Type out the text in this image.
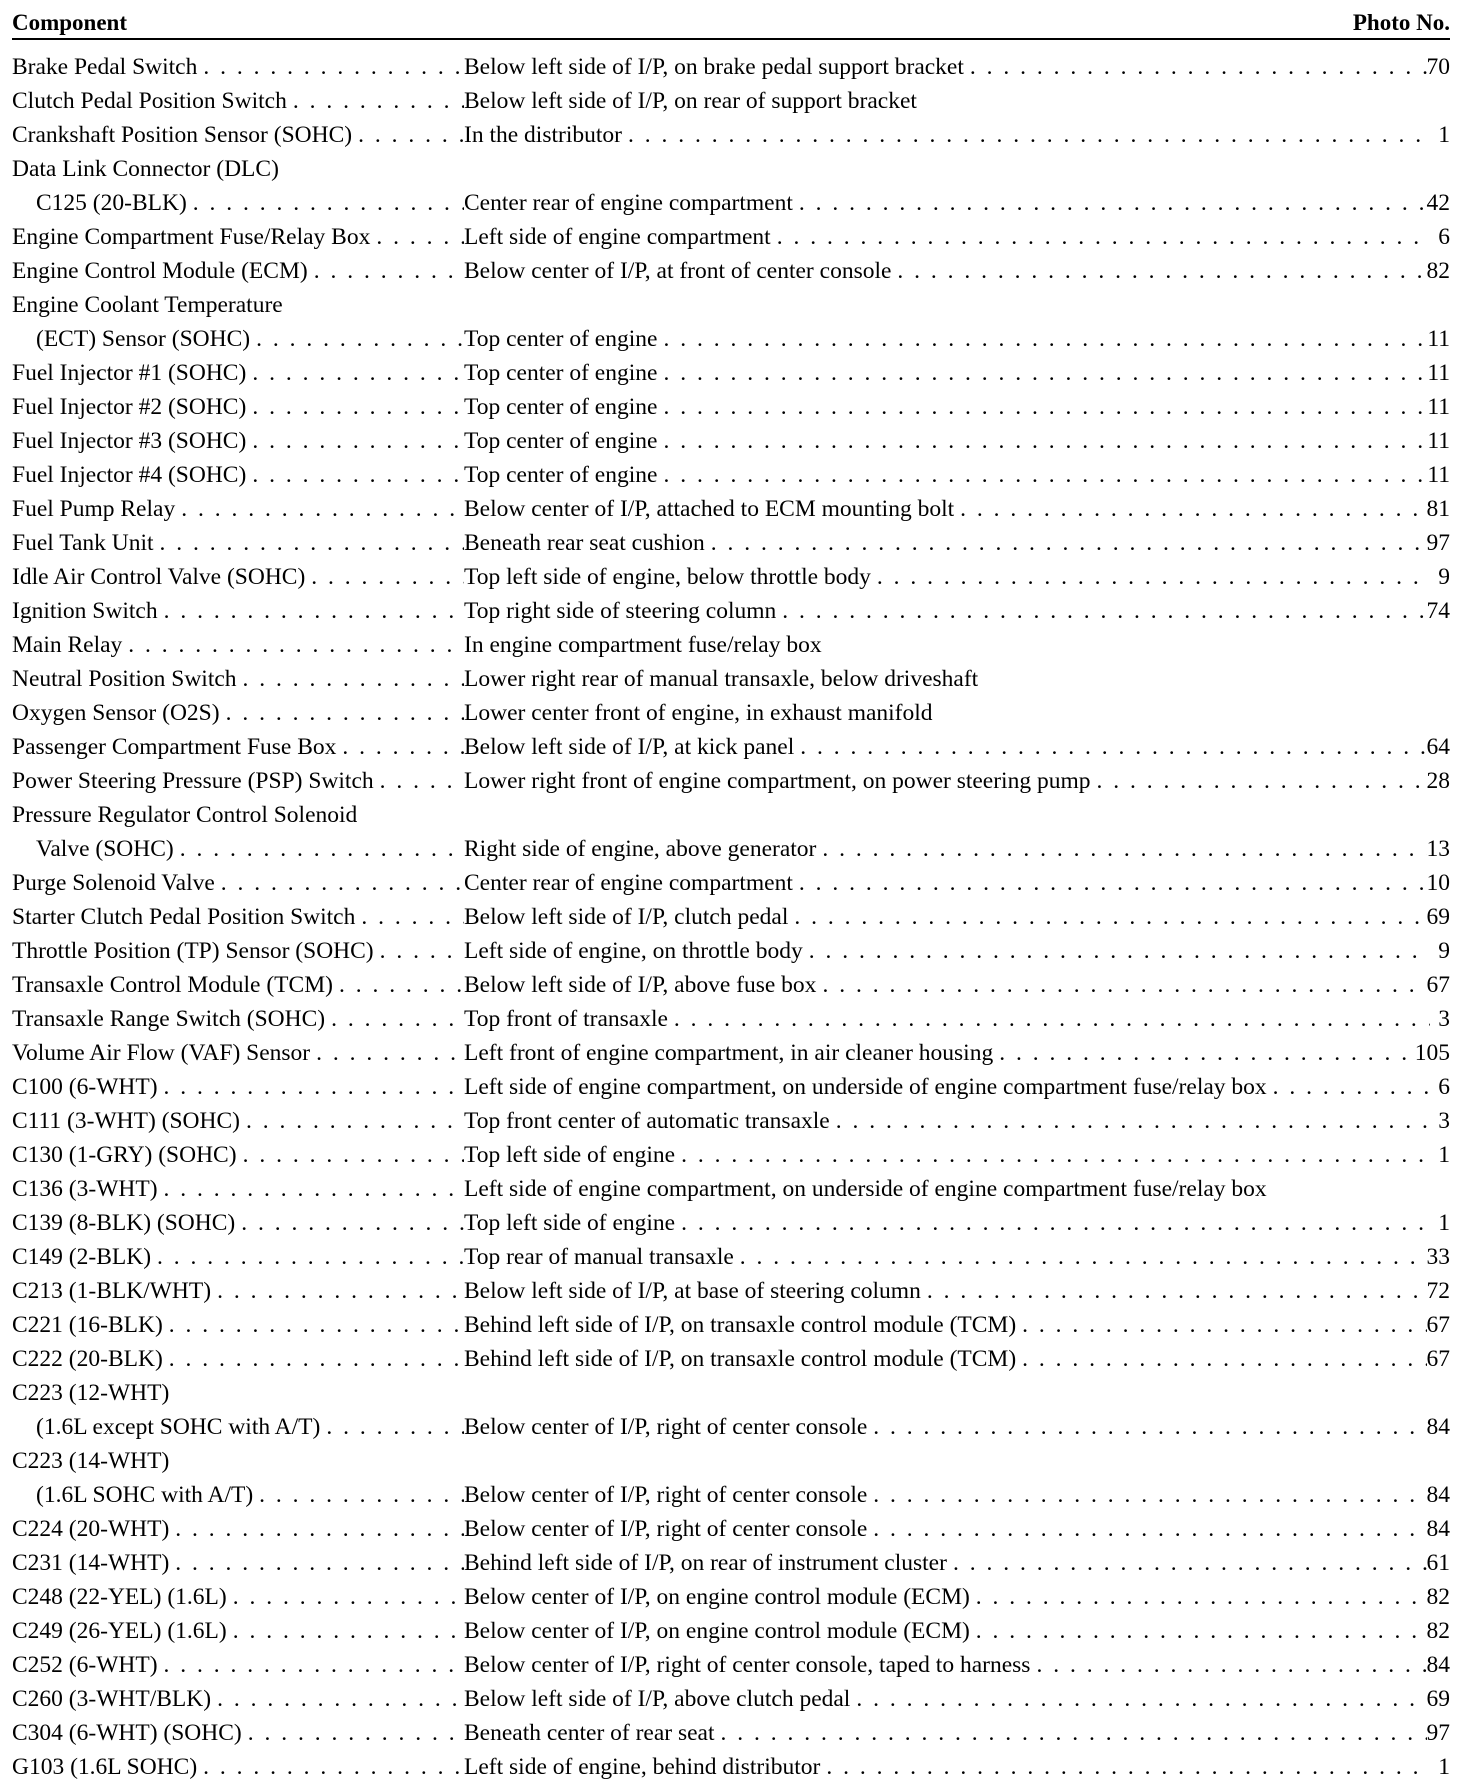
Component	Photo No.
Brake Pedal Switch . . .	Below left side of I/P, on brake pedal support bracket . . .	70
Clutch Pedal Position Switch . . .	Below left side of I/P, on rear of support bracket
Crankshaft Position Sensor (SOHC) . . .	In the distributor . . .	1
Data Link Connector (DLC)
C125 (20-BLK) . . .	Center rear of engine compartment . . .	42
Engine Compartment Fuse/Relay Box . . .	Left side of engine compartment . . .	6
Engine Control Module (ECM) . . .	Below center of I/P, at front of center console . . .	82
Engine Coolant Temperature
(ECT) Sensor (SOHC) . . .	Top center of engine . . .	11
Fuel Injector #1 (SOHC) . . .	Top center of engine . . .	11
Fuel Injector #2 (SOHC) . . .	Top center of engine . . .	11
Fuel Injector #3 (SOHC) . . .	Top center of engine . . .	11
Fuel Injector #4 (SOHC) . . .	Top center of engine . . .	11
Fuel Pump Relay . . .	Below center of I/P, attached to ECM mounting bolt . . .	81
Fuel Tank Unit . . .	Beneath rear seat cushion . . .	97
Idle Air Control Valve (SOHC) . . .	Top left side of engine, below throttle body . . .	9
Ignition Switch . . .	Top right side of steering column . . .	74
Main Relay . . .	In engine compartment fuse/relay box
Neutral Position Switch . . .	Lower right rear of manual transaxle, below driveshaft
Oxygen Sensor (O2S) . . .	Lower center front of engine, in exhaust manifold
Passenger Compartment Fuse Box . . .	Below left side of I/P, at kick panel . . .	64
Power Steering Pressure (PSP) Switch . . .	Lower right front of engine compartment, on power steering pump . . .	28
Pressure Regulator Control Solenoid
Valve (SOHC) . . .	Right side of engine, above generator . . .	13
Purge Solenoid Valve . . .	Center rear of engine compartment . . .	10
Starter Clutch Pedal Position Switch . . .	Below left side of I/P, clutch pedal . . .	69
Throttle Position (TP) Sensor (SOHC) . . .	Left side of engine, on throttle body . . .	9
Transaxle Control Module (TCM) . . .	Below left side of I/P, above fuse box . . .	67
Transaxle Range Switch (SOHC) . . .	Top front of transaxle . . .	3
Volume Air Flow (VAF) Sensor . . .	Left front of engine compartment, in air cleaner housing . . .	105
C100 (6-WHT) . . .	Left side of engine compartment, on underside of engine compartment fuse/relay box . . .	6
C111 (3-WHT) (SOHC) . . .	Top front center of automatic transaxle . . .	3
C130 (1-GRY) (SOHC) . . .	Top left side of engine . . .	1
C136 (3-WHT) . . .	Left side of engine compartment, on underside of engine compartment fuse/relay box
C139 (8-BLK) (SOHC) . . .	Top left side of engine . . .	1
C149 (2-BLK) . . .	Top rear of manual transaxle . . .	33
C213 (1-BLK/WHT) . . .	Below left side of I/P, at base of steering column . . .	72
C221 (16-BLK) . . .	Behind left side of I/P, on transaxle control module (TCM) . . .	67
C222 (20-BLK) . . .	Behind left side of I/P, on transaxle control module (TCM) . . .	67
C223 (12-WHT)
(1.6L except SOHC with A/T) . . .	Below center of I/P, right of center console . . .	84
C223 (14-WHT)
(1.6L SOHC with A/T) . . .	Below center of I/P, right of center console . . .	84
C224 (20-WHT) . . .	Below center of I/P, right of center console . . .	84
C231 (14-WHT) . . .	Behind left side of I/P, on rear of instrument cluster . . .	61
C248 (22-YEL) (1.6L) . . .	Below center of I/P, on engine control module (ECM) . . .	82
C249 (26-YEL) (1.6L) . . .	Below center of I/P, on engine control module (ECM) . . .	82
C252 (6-WHT) . . .	Below center of I/P, right of center console, taped to harness . . .	84
C260 (3-WHT/BLK) . . .	Below left side of I/P, above clutch pedal . . .	69
C304 (6-WHT) (SOHC) . . .	Beneath center of rear seat . . .	97
G103 (1.6L SOHC) . . .	Left side of engine, behind distributor . . .	1
